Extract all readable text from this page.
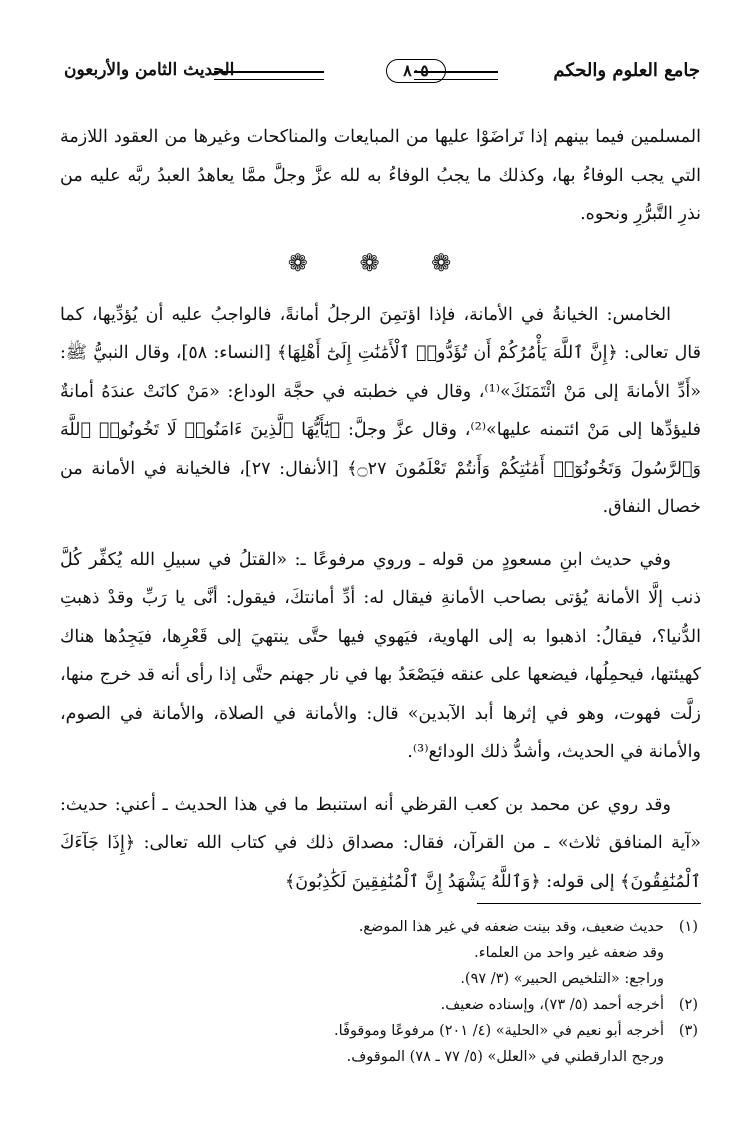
جامع العلوم والحكم
٨٠٥
الحديث الثامن والأربعون

المسلمين فيما بينهم إذا تَراضَوْا عليها من المبايعات والمناكحات وغيرها من العقود اللازمة التي يجب الوفاءُ بها، وكذلك ما يجبُ الوفاءُ به لله عزَّ وجلَّ ممَّا يعاهدُ العبدُ ربَّه عليه من نذرِ التَّبرُّرِ ونحوه.

❁ ❁ ❁

الخامس: الخيانةُ في الأمانة، فإذا اؤتمِنَ الرجلُ أمانةً، فالواجبُ عليه أن يُؤدِّيها، كما قال تعالى: ﴿إِنَّ ٱللَّهَ يَأْمُرُكُمْ أَن تُؤَدُّوا۟ ٱلْأَمَٰنَٰتِ إِلَىٰٓ أَهْلِهَا﴾ [النساء: ٥٨]، وقال النبيُّ ﷺ: «أَدِّ الأمانةَ إلى مَنْ ائْتَمَنَكَ»⁽¹⁾، وقال في خطبته في حجَّة الوداع: «مَنْ كانَتْ عندَهُ أمانةٌ فليؤدِّها إلى مَنْ ائتمنه عليها»⁽²⁾، وقال عزَّ وجلَّ: ﴿يَٰٓأَيُّهَا ٱلَّذِينَ ءَامَنُوا۟ لَا تَخُونُوا۟ ٱللَّهَ وَٱلرَّسُولَ وَتَخُونُوٓا۟ أَمَٰنَٰتِكُمْ وَأَنتُمْ تَعْلَمُونَ ۝٢٧﴾ [الأنفال: ٢٧]، فالخيانة في الأمانة من خصال النفاق.

وفي حديث ابنِ مسعودٍ من قوله ـ وروي مرفوعًا ـ: «القتلُ في سبيلِ الله يُكفِّر كُلَّ ذنب إلَّا الأمانة يُؤتى بصاحب الأمانةِ فيقال له: أدِّ أمانتكَ، فيقول: أنَّى يا رَبِّ وقدْ ذهبتِ الدُّنيا؟، فيقالُ: اذهبوا به إلى الهاوية، فيَهوي فيها حتَّى ينتهيَ إلى قَعْرِها، فيَجِدُها هناك كهيئتها، فيحمِلُها، فيضعها على عنقه فيَصْعَدُ بها في نار جهنم حتَّى إذا رأى أنه قد خرج منها، زلَّت فهوت، وهو في إثرها أبد الآبدين» قال: والأمانة في الصلاة، والأمانة في الصوم، والأمانة في الحديث، وأشدُّ ذلك الودائع⁽³⁾.

وقد روي عن محمد بن كعب القرظي أنه استنبط ما في هذا الحديث ـ أعني: حديث: «آية المنافق ثلاث» ـ من القرآن، فقال: مصداق ذلك في كتاب الله تعالى: ﴿إِذَا جَآءَكَ ٱلْمُنَٰفِقُونَ﴾ إلى قوله: ﴿وَٱللَّهُ يَشْهَدُ إِنَّ ٱلْمُنَٰفِقِينَ لَكَٰذِبُونَ﴾

(١)حديث ضعيف، وقد بينت ضعفه في غير هذا الموضع.

وقد ضعفه غير واحد من العلماء.

وراجع: «التلخيص الحبير» (٣/ ٩٧).

(٢)أخرجه أحمد (٥/ ٧٣)، وإسناده ضعيف.

(٣)أخرجه أبو نعيم في «الحلية» (٤/ ٢٠١) مرفوعًا وموقوفًا.

ورجح الدارقطني في «العلل» (٥/ ٧٧ ـ ٧٨) الموقوف.
